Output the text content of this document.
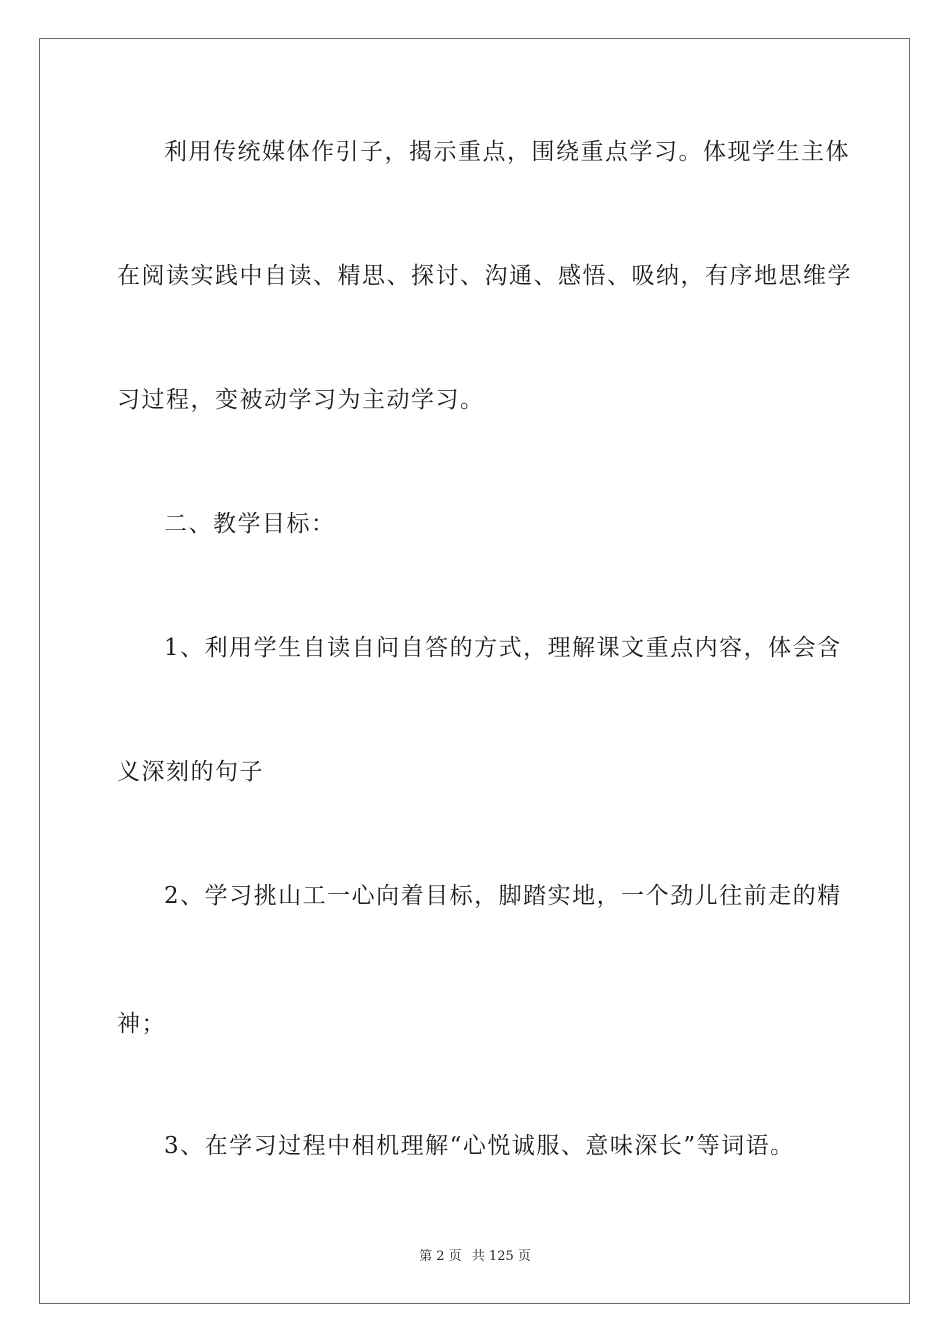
利用传统媒体作引子，揭示重点，围绕重点学习。体现学生主体
在阅读实践中自读、精思、探讨、沟通、感悟、吸纳，有序地思维学
习过程，变被动学习为主动学习。
二、教学目标：
1、利用学生自读自问自答的方式，理解课文重点内容，体会含
义深刻的句子
2、学习挑山工一心向着目标，脚踏实地，一个劲儿往前走的精
神；
3、在学习过程中相机理解“心悦诚服、意味深长”等词语。
第 2 页 共 125 页
